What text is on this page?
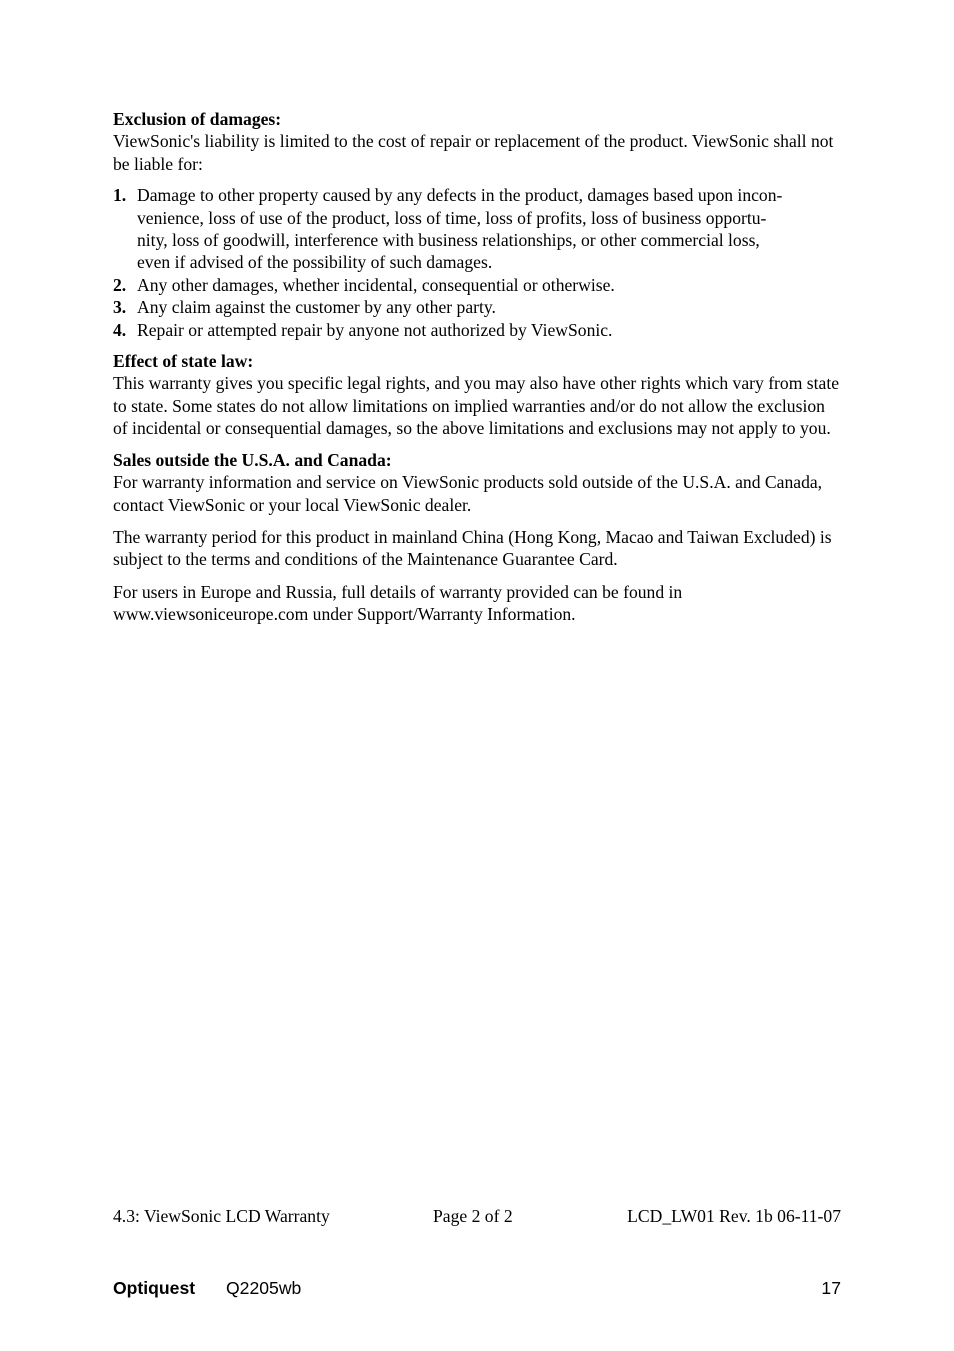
Exclusion of damages:

ViewSonic's liability is limited to the cost of repair or replacement of the product. ViewSonic shall not be liable for:

1. Damage to other property caused by any defects in the product, damages based upon incon-
venience, loss of use of the product, loss of time, loss of profits, loss of business opportu-
nity, loss of goodwill, interference with business relationships, or other commercial loss,
even if advised of the possibility of such damages.
2. Any other damages, whether incidental, consequential or otherwise.
3. Any claim against the customer by any other party.
4. Repair or attempted repair by anyone not authorized by ViewSonic.

Effect of state law:

This warranty gives you specific legal rights, and you may also have other rights which vary from state to state. Some states do not allow limitations on implied warranties and/or do not allow the exclusion of incidental or consequential damages, so the above limitations and exclusions may not apply to you.

Sales outside the U.S.A. and Canada:

For warranty information and service on ViewSonic products sold outside of the U.S.A. and Canada, contact ViewSonic or your local ViewSonic dealer.

The warranty period for this product in mainland China (Hong Kong, Macao and Taiwan Excluded) is subject to the terms and conditions of the Maintenance Guarantee Card.

For users in Europe and Russia, full details of warranty provided can be found in
www.viewsoniceurope.com under Support/Warranty Information.

4.3: ViewSonic LCD Warranty	Page 2 of 2	LCD_LW01 Rev. 1b 06-11-07
Optiquest Q2205wb	17
